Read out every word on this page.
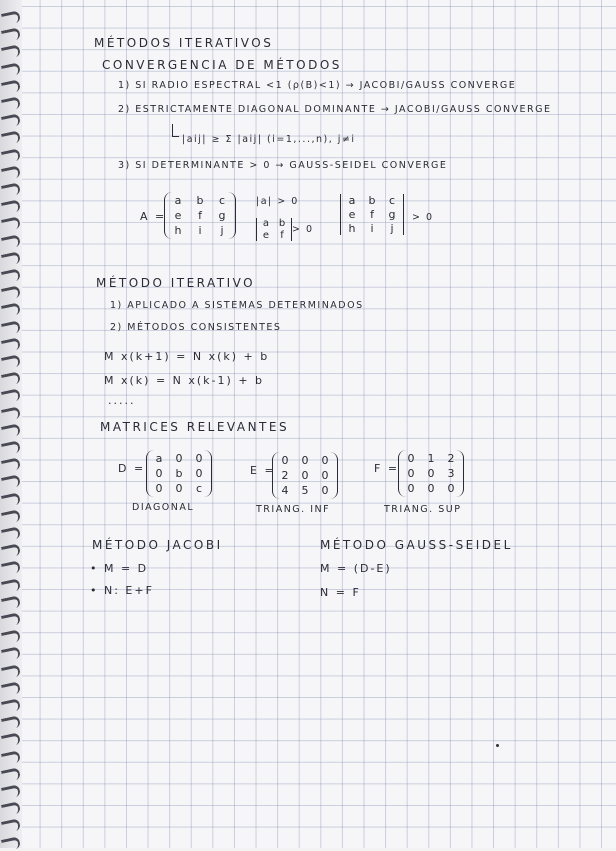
MÉTODOS ITERATIVOS
CONVERGENCIA DE MÉTODOS
1) SI RADIO ESPECTRAL <1 (ρ(B)<1) → JACOBI/GAUSS CONVERGE
2) ESTRICTAMENTE DIAGONAL DOMINANTE → JACOBI/GAUSS CONVERGE
|aij| ≥ Σ |aij| (i=1,...,n), j≠i
3) SI DETERMINANTE > 0 → GAUSS-SEIDEL CONVERGE
A =
a	b	c
e	f	g
h	i	j
|a| > 0
a b
e	f
> 0
a	b	c
e	f	g
h	i	j
> 0
MÉTODO ITERATIVO
1) APLICADO A SISTEMAS DETERMINADOS
2) MÉTODOS CONSISTENTES
M x(k+1) = N x(k) + b
M x(k) = N x(k-1) + b
.....
MATRICES RELEVANTES
D =
a 0 0
0 b 0
0 0 c
DIAGONAL
E =
0 0 0
2 0 0
4 5 0
TRIANG. INF
F =
0 1 2
0 0 3
0 0 0
TRIANG. SUP
MÉTODO JACOBI
• M = D
• N: E+F
MÉTODO GAUSS-SEIDEL
M = (D-E)
N = F
